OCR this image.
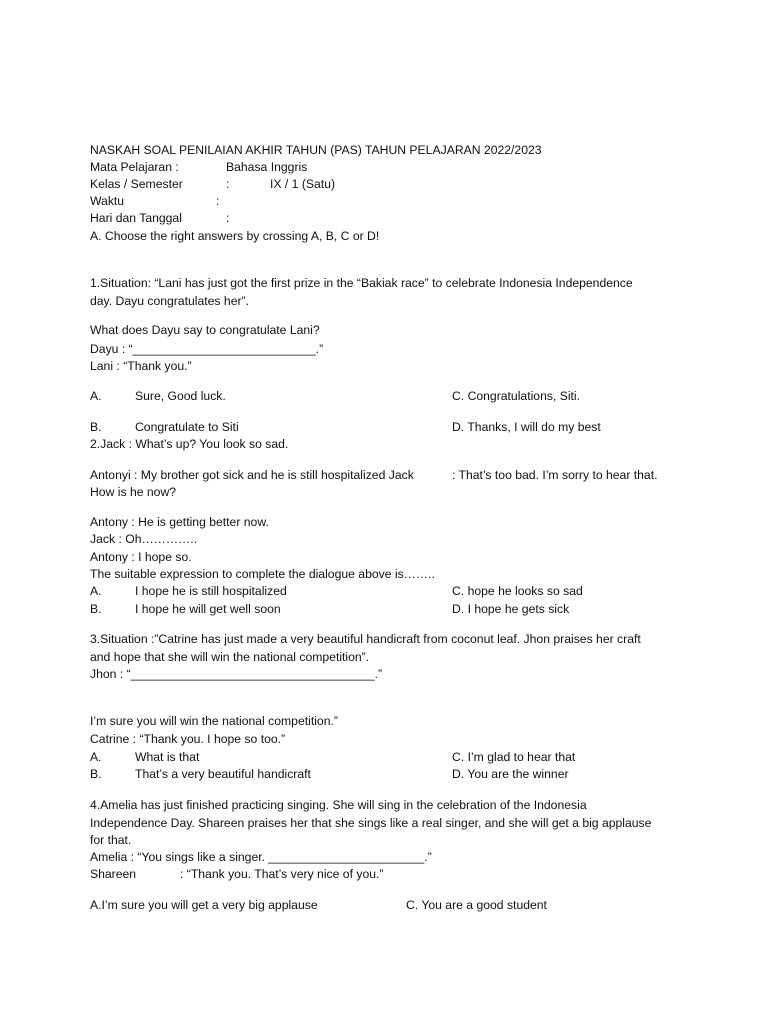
NASKAH SOAL PENILAIAN AKHIR TAHUN (PAS) TAHUN PELAJARAN 2022/2023
Mata Pelajaran :	Bahasa Inggris
Kelas / Semester	:	IX / 1 (Satu)
Waktu	:
Hari dan Tanggal	:
A. Choose the right answers by crossing A, B, C or D!
1.Situation: “Lani has just got the first prize in the “Bakiak race” to celebrate Indonesia Independence
day. Dayu congratulates her”.
What does Dayu say to congratulate Lani?
Dayu : “___________________________.”
Lani : “Thank you.”
A.	Sure, Good luck.	C. Congratulations, Siti.
B.	Congratulate to Siti	D. Thanks, I will do my best
2.Jack : What’s up? You look so sad.
Antonyi : My brother got sick and he is still hospitalized Jack	: That’s too bad. I’m sorry to hear that.
How is he now?
Antony : He is getting better now.
Jack : Oh…………..
Antony : I hope so.
The suitable expression to complete the dialogue above is……..
A.	I hope he is still hospitalized	C. hope he looks so sad
B.	I hope he will get well soon	D. I hope he gets sick
3.Situation :”Catrine has just made a very beautiful handicraft from coconut leaf. Jhon praises her craft
and hope that she will win the national competition”.
Jhon : “____________________________________.”
I’m sure you will win the national competition.”
Catrine : “Thank you. I hope so too.”
A.	What is that	C. I’m glad to hear that
B.	That’s a very beautiful handicraft	D. You are the winner
4.Amelia has just finished practicing singing. She will sing in the celebration of the Indonesia
Independence Day. Shareen praises her that she sings like a real singer, and she will get a big applause
for that.
Amelia : “You sings like a singer. _______________________.”
Shareen	: “Thank you. That’s very nice of you.”
A.I’m sure you will get a very big applause	C. You are a good student
